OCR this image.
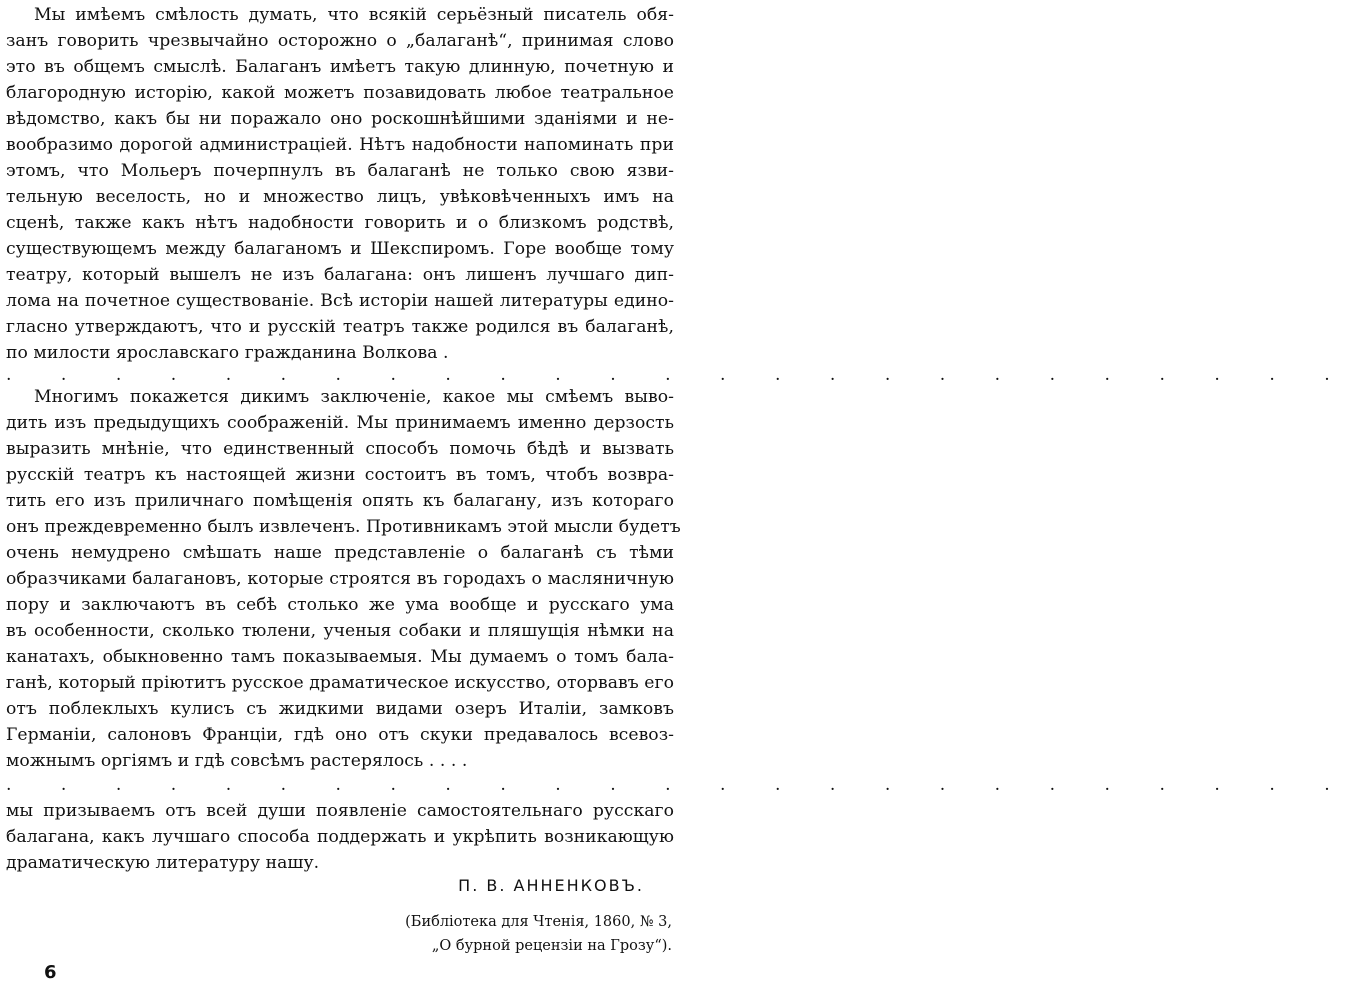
Мы имѣемъ смѣлость думать, что всякій серьёзный писатель обя-
занъ говорить чрезвычайно осторожно о „балаганѣ“, принимая слово
это въ общемъ смыслѣ. Балаганъ имѣетъ такую длинную, почетную и
благородную исторію, какой можетъ позавидовать любое театральное
вѣдомство, какъ бы ни поражало оно роскошнѣйшими зданіями и не-
вообразимо дорогой администраціей. Нѣтъ надобности напоминать при
этомъ, что Мольеръ почерпнулъ въ балаганѣ не только свою язви-
тельную веселость, но и множество лицъ, увѣковѣченныхъ имъ на
сценѣ, также какъ нѣтъ надобности говорить и о близкомъ родствѣ,
существующемъ между балаганомъ и Шекспиромъ. Горе вообще тому
театру, который вышелъ не изъ балагана: онъ лишенъ лучшаго дип-
лома на почетное существованіе. Всѣ исторіи нашей литературы едино-
гласно утверждаютъ, что и русскій театръ также родился въ балаганѣ,
по милости ярославскаго гражданина Волкова .
. . . . . . . . . . . . . . . . . . . . . . . . .
Многимъ покажется дикимъ заключеніе, какое мы смѣемъ выво-
дить изъ предыдущихъ соображеній. Мы принимаемъ именно дерзость
выразить мнѣніе, что единственный способъ помочь бѣдѣ и вызвать
русскій театръ къ настоящей жизни состоитъ въ томъ, чтобъ возвра-
тить его изъ приличнаго помѣщенія опять къ балагану, изъ котораго
онъ преждевременно былъ извлеченъ. Противникамъ этой мысли будетъ
очень немудрено смѣшать наше представленіе о балаганѣ съ тѣми
образчиками балагановъ, которые строятся въ городахъ о масляничную
пору и заключаютъ въ себѣ столько же ума вообще и русскаго ума
въ особенности, сколько тюлени, ученыя собаки и пляшущія нѣмки на
канатахъ, обыкновенно тамъ показываемыя. Мы думаемъ о томъ бала-
ганѣ, который пріютитъ русское драматическое искусство, оторвавъ его
отъ поблеклыхъ кулисъ съ жидкими видами озеръ Италіи, замковъ
Германіи, салоновъ Франціи, гдѣ оно отъ скуки предавалось всевоз-
можнымъ оргіямъ и гдѣ совсѣмъ растерялось . . . .
. . . . . . . . . . . . . . . . . . . . . . . . .
мы призываемъ отъ всей души появленіе самостоятельнаго русскаго
балагана, какъ лучшаго способа поддержать и укрѣпить возникающую
драматическую литературу нашу.
П. В. АННЕНКОВЪ.
(Библіотека для Чтенія, 1860, № 3,
„О бурной рецензіи на Грозу“).
6
